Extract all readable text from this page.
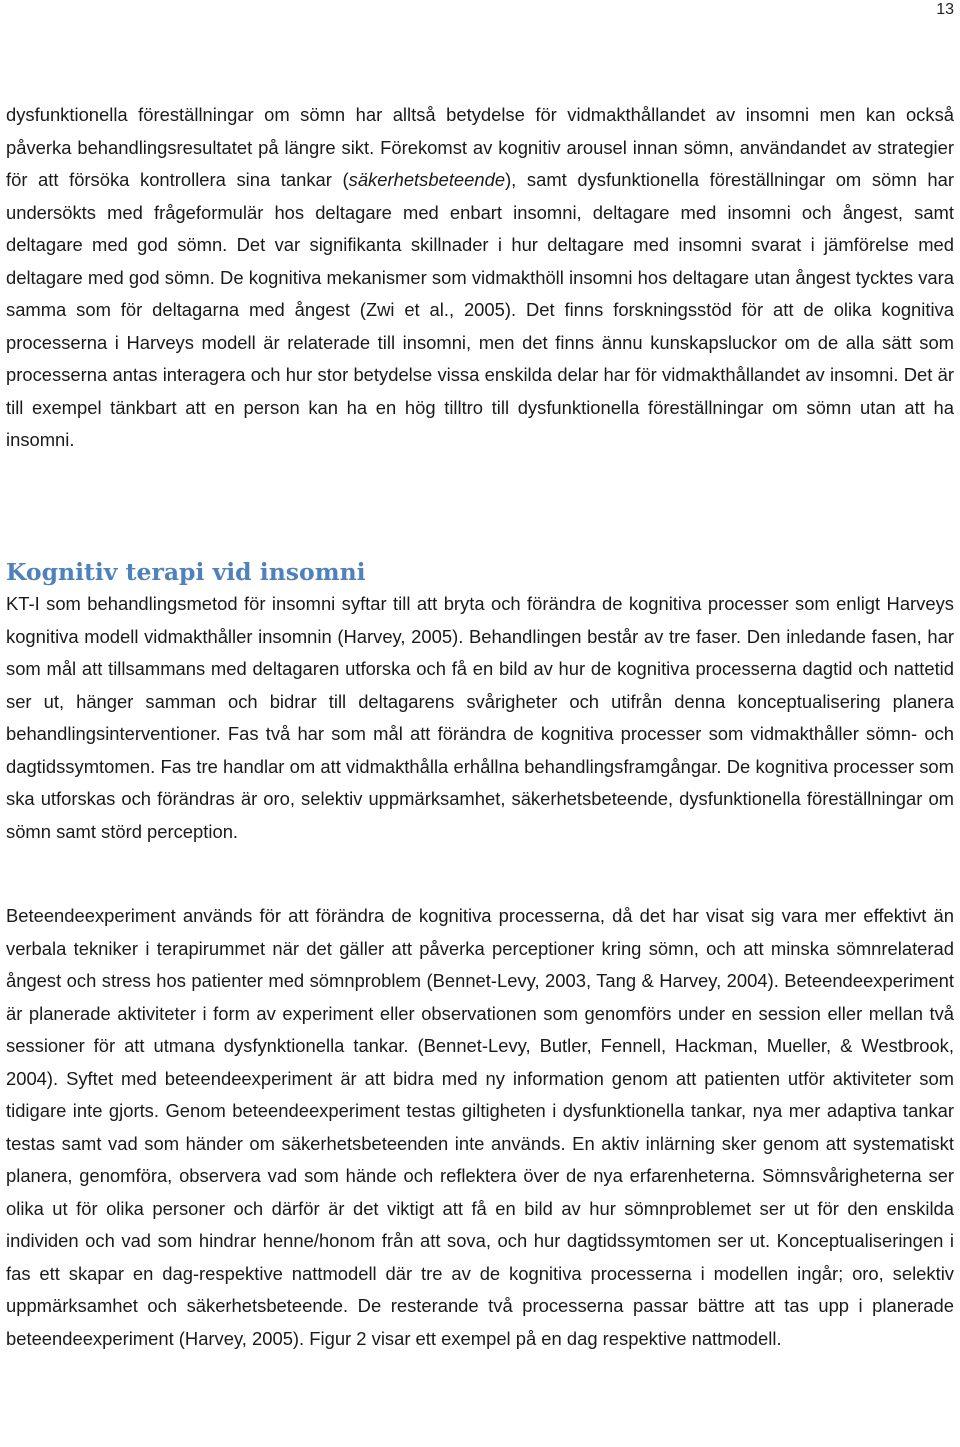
13

dysfunktionella föreställningar om sömn har alltså betydelse för vidmakthållandet av insomni men kan också påverka behandlingsresultatet på längre sikt. Förekomst av kognitiv arousel innan sömn, användandet av strategier för att försöka kontrollera sina tankar (säkerhetsbeteende), samt dysfunktionella föreställningar om sömn har undersökts med frågeformulär hos deltagare med enbart insomni, deltagare med insomni och ångest, samt deltagare med god sömn. Det var signifikanta skillnader i hur deltagare med insomni svarat i jämförelse med deltagare med god sömn. De kognitiva mekanismer som vidmakthöll insomni hos deltagare utan ångest tycktes vara samma som för deltagarna med ångest (Zwi et al., 2005). Det finns forskningsstöd för att de olika kognitiva processerna i Harveys modell är relaterade till insomni, men det finns ännu kunskapsluckor om de alla sätt som processerna antas interagera och hur stor betydelse vissa enskilda delar har för vidmakthållandet av insomni. Det är till exempel tänkbart att en person kan ha en hög tilltro till dysfunktionella föreställningar om sömn utan att ha insomni.

Kognitiv terapi vid insomni

KT-I som behandlingsmetod för insomni syftar till att bryta och förändra de kognitiva processer som enligt Harveys kognitiva modell vidmakthåller insomnin (Harvey, 2005). Behandlingen består av tre faser. Den inledande fasen, har som mål att tillsammans med deltagaren utforska och få en bild av hur de kognitiva processerna dagtid och nattetid ser ut, hänger samman och bidrar till deltagarens svårigheter och utifrån denna konceptualisering planera behandlingsinterventioner. Fas två har som mål att förändra de kognitiva processer som vidmakthåller sömn- och dagtidssymtomen. Fas tre handlar om att vidmakthålla erhållna behandlingsframgångar. De kognitiva processer som ska utforskas och förändras är oro, selektiv uppmärksamhet, säkerhetsbeteende, dysfunktionella föreställningar om sömn samt störd perception.

Beteendeexperiment används för att förändra de kognitiva processerna, då det har visat sig vara mer effektivt än verbala tekniker i terapirummet när det gäller att påverka perceptioner kring sömn, och att minska sömnrelaterad ångest och stress hos patienter med sömnproblem (Bennet-Levy, 2003, Tang & Harvey, 2004). Beteendeexperiment är planerade aktiviteter i form av experiment eller observationen som genomförs under en session eller mellan två sessioner för att utmana dysfynktionella tankar. (Bennet-Levy, Butler, Fennell, Hackman, Mueller, & Westbrook, 2004). Syftet med beteendeexperiment är att bidra med ny information genom att patienten utför aktiviteter som tidigare inte gjorts. Genom beteendeexperiment testas giltigheten i dysfunktionella tankar, nya mer adaptiva tankar testas samt vad som händer om säkerhetsbeteenden inte används. En aktiv inlärning sker genom att systematiskt planera, genomföra, observera vad som hände och reflektera över de nya erfarenheterna. Sömnsvårigheterna ser olika ut för olika personer och därför är det viktigt att få en bild av hur sömnproblemet ser ut för den enskilda individen och vad som hindrar henne/honom från att sova, och hur dagtidssymtomen ser ut. Konceptualiseringen i fas ett skapar en dag-respektive nattmodell där tre av de kognitiva processerna i modellen ingår; oro, selektiv uppmärksamhet och säkerhetsbeteende. De resterande två processerna passar bättre att tas upp i planerade beteendeexperiment (Harvey, 2005). Figur 2 visar ett exempel på en dag respektive nattmodell.
